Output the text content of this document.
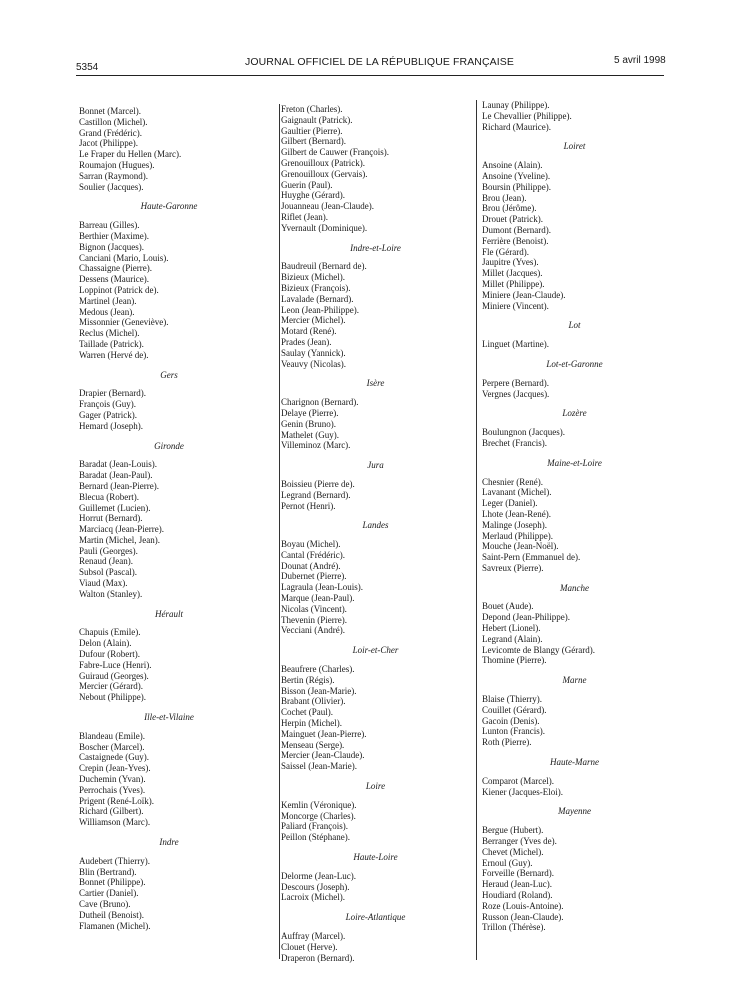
5354	JOURNAL OFFICIEL DE LA RÉPUBLIQUE FRANÇAISE	5 avril 1998
Bonnet (Marcel).
Castillon (Michel).
Grand (Frédéric).
Jacot (Philippe).
Le Fraper du Hellen (Marc).
Roumajon (Hugues).
Sarran (Raymond).
Soulier (Jacques).
Haute-Garonne
Barreau (Gilles).
Berthier (Maxime).
Bignon (Jacques).
Canciani (Mario, Louis).
Chassaigne (Pierre).
Dessens (Maurice).
Loppinot (Patrick de).
Martinel (Jean).
Medous (Jean).
Missonnier (Geneviève).
Reclus (Michel).
Taillade (Patrick).
Warren (Hervé de).
Gers
Drapier (Bernard).
François (Guy).
Gager (Patrick).
Hemard (Joseph).
Gironde
Baradat (Jean-Louis).
Baradat (Jean-Paul).
Bernard (Jean-Pierre).
Blecua (Robert).
Guillemet (Lucien).
Horrut (Bernard).
Marciacq (Jean-Pierre).
Martin (Michel, Jean).
Pauli (Georges).
Renaud (Jean).
Subsol (Pascal).
Viaud (Max).
Walton (Stanley).
Hérault
Chapuis (Emile).
Delon (Alain).
Dufour (Robert).
Fabre-Luce (Henri).
Guiraud (Georges).
Mercier (Gérard).
Nebout (Philippe).
Ille-et-Vilaine
Blandeau (Emile).
Boscher (Marcel).
Castaignede (Guy).
Crepin (Jean-Yves).
Duchemin (Yvan).
Perrochais (Yves).
Prigent (René-Loïk).
Richard (Gilbert).
Williamson (Marc).
Indre
Audebert (Thierry).
Blin (Bertrand).
Bonnet (Philippe).
Cartier (Daniel).
Cave (Bruno).
Dutheil (Benoist).
Flamanen (Michel).
Freton (Charles).
Gaignault (Patrick).
Gaultier (Pierre).
Gilbert (Bernard).
Gilbert de Cauwer (François).
Grenouilloux (Patrick).
Grenouilloux (Gervais).
Guerin (Paul).
Huyghe (Gérard).
Jouanneau (Jean-Claude).
Riflet (Jean).
Yvernault (Dominique).
Indre-et-Loire
Baudreuil (Bernard de).
Bizieux (Michel).
Bizieux (François).
Lavalade (Bernard).
Leon (Jean-Philippe).
Mercier (Michel).
Motard (René).
Prades (Jean).
Saulay (Yannick).
Veauvy (Nicolas).
Isère
Charignon (Bernard).
Delaye (Pierre).
Genin (Bruno).
Mathelet (Guy).
Villeminoz (Marc).
Jura
Boissieu (Pierre de).
Legrand (Bernard).
Pernot (Henri).
Landes
Boyau (Michel).
Cantal (Frédéric).
Dounat (André).
Dubernet (Pierre).
Lagraula (Jean-Louis).
Marque (Jean-Paul).
Nicolas (Vincent).
Thevenin (Pierre).
Vecciani (André).
Loir-et-Cher
Beaufrere (Charles).
Bertin (Régis).
Bisson (Jean-Marie).
Brabant (Olivier).
Cochet (Paul).
Herpin (Michel).
Mainguet (Jean-Pierre).
Menseau (Serge).
Mercier (Jean-Claude).
Saissel (Jean-Marie).
Loire
Kemlin (Véronique).
Moncorge (Charles).
Paliard (François).
Peillon (Stéphane).
Haute-Loire
Delorme (Jean-Luc).
Descours (Joseph).
Lacroix (Michel).
Loire-Atlantique
Auffray (Marcel).
Clouet (Herve).
Draperon (Bernard).
Launay (Philippe).
Le Chevallier (Philippe).
Richard (Maurice).
Loiret
Ansoine (Alain).
Ansoine (Yveline).
Boursin (Philippe).
Brou (Jean).
Brou (Jérôme).
Drouet (Patrick).
Dumont (Bernard).
Ferrière (Benoist).
Fle (Gérard).
Jaupitre (Yves).
Millet (Jacques).
Millet (Philippe).
Miniere (Jean-Claude).
Miniere (Vincent).
Lot
Linguet (Martine).
Lot-et-Garonne
Perpere (Bernard).
Vergnes (Jacques).
Lozère
Boulungnon (Jacques).
Brechet (Francis).
Maine-et-Loire
Chesnier (René).
Lavanant (Michel).
Leger (Daniel).
Lhote (Jean-René).
Malinge (Joseph).
Merlaud (Philippe).
Mouche (Jean-Noël).
Saint-Pern (Emmanuel de).
Savreux (Pierre).
Manche
Bouet (Aude).
Depond (Jean-Philippe).
Hebert (Lionel).
Legrand (Alain).
Levicomte de Blangy (Gérard).
Thomine (Pierre).
Marne
Blaise (Thierry).
Couillet (Gérard).
Gacoin (Denis).
Lunton (Francis).
Roth (Pierre).
Haute-Marne
Comparot (Marcel).
Kiener (Jacques-Eloi).
Mayenne
Bergue (Hubert).
Berranger (Yves de).
Chevet (Michel).
Ernoul (Guy).
Forveille (Bernard).
Heraud (Jean-Luc).
Houdiard (Roland).
Roze (Louis-Antoine).
Russon (Jean-Claude).
Trillon (Thérèse).
